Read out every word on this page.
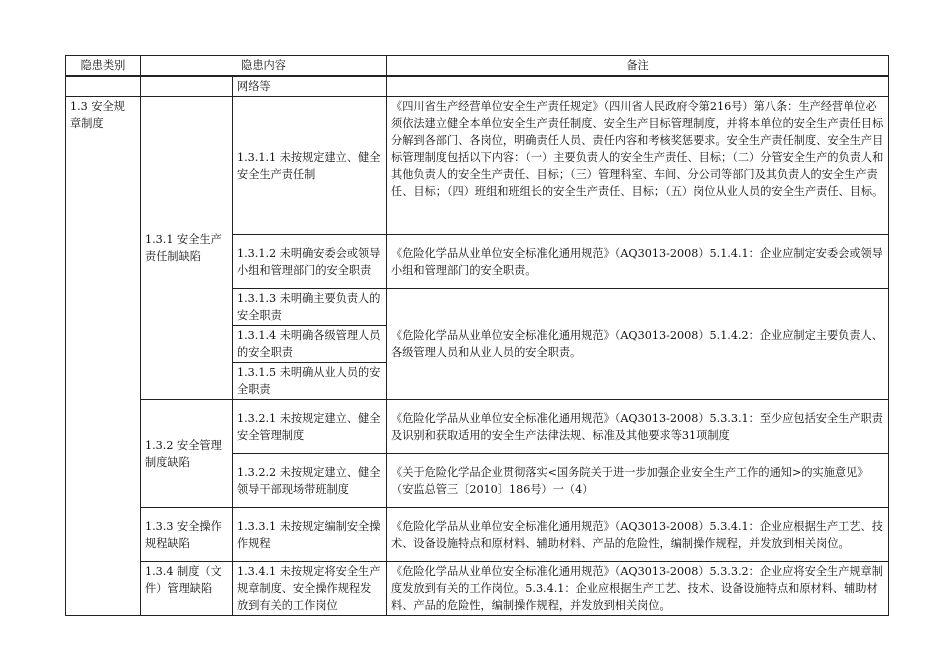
隐患类别	隐患内容		备注
		网络等	
1.3 安全规章制度	1.3.1 安全生产责任制缺陷	1.3.1.1 未按规定建立、健全安全生产责任制	《四川省生产经营单位安全生产责任规定》（四川省人民政府令第216号）第八条：生产经营单位必须依法建立健全本单位安全生产责任制度、安全生产目标管理制度，并将本单位的安全生产责任目标分解到各部门、各岗位，明确责任人员、责任内容和考核奖惩要求。安全生产责任制度、安全生产目标管理制度包括以下内容：（一）主要负责人的安全生产责任、目标；（二）分管安全生产的负责人和其他负责人的安全生产责任、目标；（三）管理科室、车间、分公司等部门及其负责人的安全生产责任、目标；（四）班组和班组长的安全生产责任、目标；（五）岗位从业人员的安全生产责任、目标。
		1.3.1.2 未明确安委会或领导小组和管理部门的安全职责	《危险化学品从业单位安全标准化通用规范》（AQ3013-2008）5.1.4.1：企业应制定安委会或领导小组和管理部门的安全职责。
		1.3.1.3 未明确主要负责人的安全职责	《危险化学品从业单位安全标准化通用规范》（AQ3013-2008）5.1.4.2：企业应制定主要负责人、各级管理人员和从业人员的安全职责。
		1.3.1.4 未明确各级管理人员的安全职责	
		1.3.1.5 未明确从业人员的安全职责	
	1.3.2 安全管理制度缺陷	1.3.2.1 未按规定建立、健全安全管理制度	《危险化学品从业单位安全标准化通用规范》（AQ3013-2008）5.3.3.1：至少应包括安全生产职责及识别和获取适用的安全生产法律法规、标准及其他要求等31项制度
		1.3.2.2 未按规定建立、健全领导干部现场带班制度	《关于危险化学品企业贯彻落实<国务院关于进一步加强企业安全生产工作的通知>的实施意见》（安监总管三〔2010〕186号）一（4）
	1.3.3 安全操作规程缺陷	1.3.3.1 未按规定编制安全操作规程	《危险化学品从业单位安全标准化通用规范》（AQ3013-2008）5.3.4.1：企业应根据生产工艺、技 术、设备设施特点和原材料、辅助材料、产品的危险性，编制操作规程，并发放到相关岗位。
	1.3.4 制度（文件）管理缺陷	1.3.4.1 未按规定将安全生产规章制度、安全操作规程发放到有关的工作岗位	《危险化学品从业单位安全标准化通用规范》（AQ3013-2008）5.3.3.2：企业应将安全生产规章制度发放到有关的工作岗位。5.3.4.1：企业应根据生产工艺、技术、设备设施特点和原材料、辅助材料、产品的危险性，编制操作规程，并发放到相关岗位。
